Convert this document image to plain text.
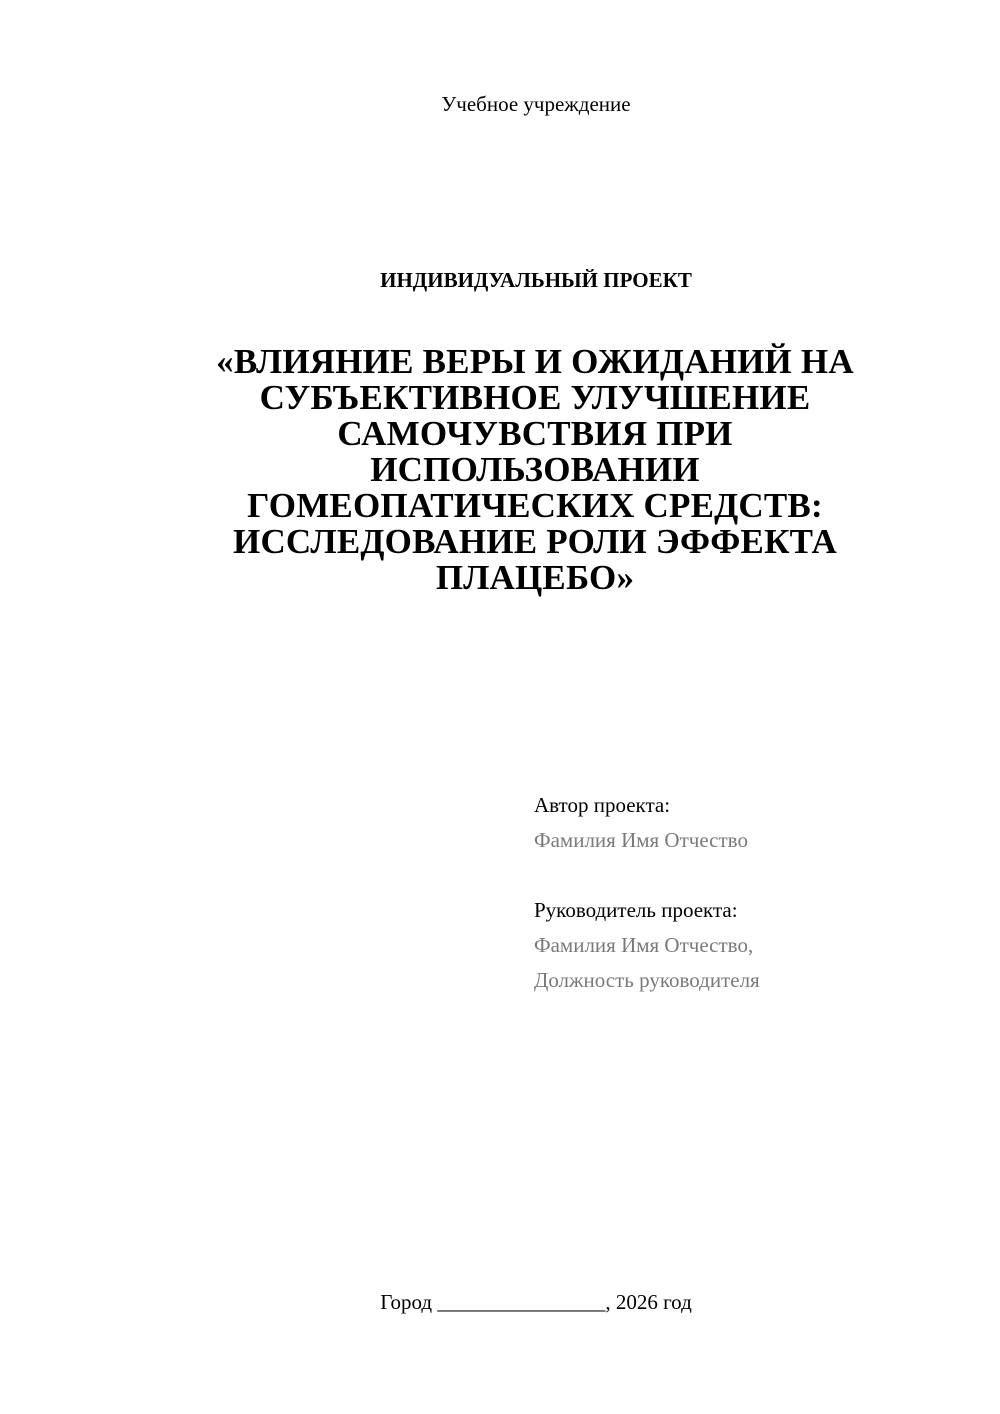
Учебное учреждение
ИНДИВИДУАЛЬНЫЙ ПРОЕКТ
«ВЛИЯНИЕ ВЕРЫ И ОЖИДАНИЙ НА
СУБЪЕКТИВНОЕ УЛУЧШЕНИЕ
САМОЧУВСТВИЯ ПРИ
ИСПОЛЬЗОВАНИИ
ГОМЕОПАТИЧЕСКИХ СРЕДСТВ:
ИССЛЕДОВАНИЕ РОЛИ ЭФФЕКТА
ПЛАЦЕБО»
Автор проекта:
Фамилия Имя Отчество
Руководитель проекта:
Фамилия Имя Отчество,
Должность руководителя
Город ________________, 2026 год
